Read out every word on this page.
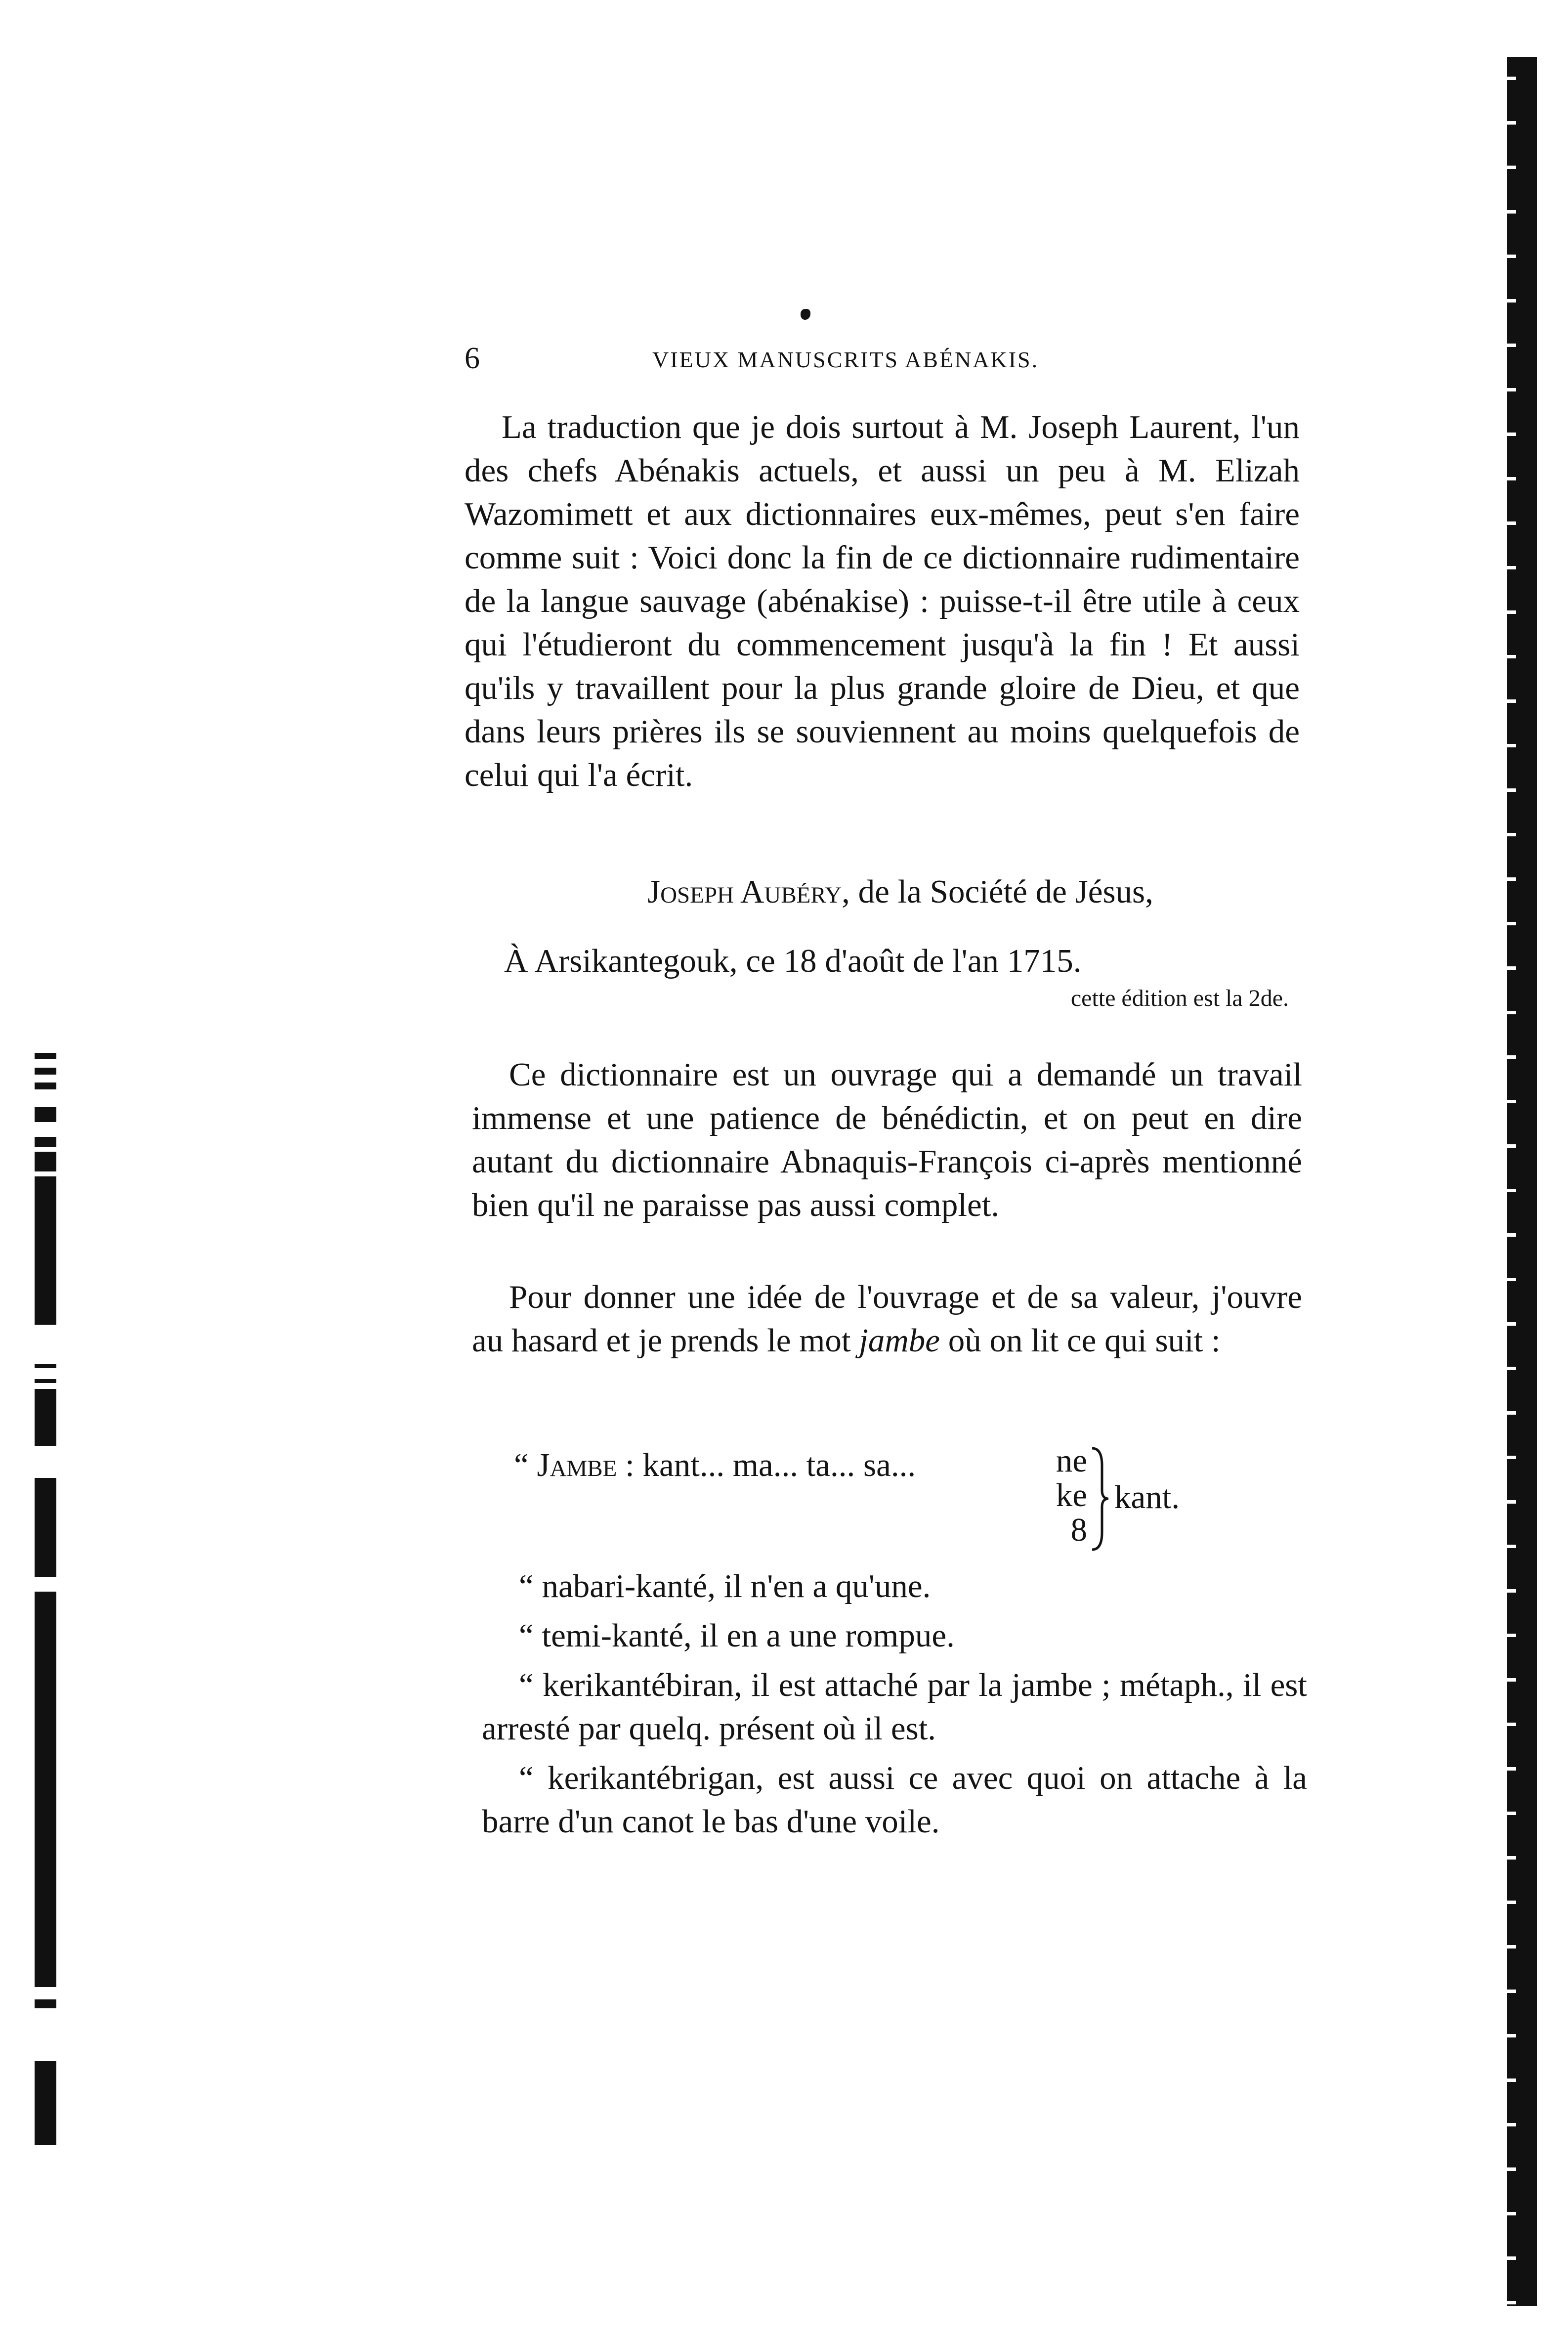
6	VIEUX MANUSCRITS ABÉNAKIS.

La traduction que je dois surtout à M. Joseph Laurent, l'un des chefs Abénakis actuels, et aussi un peu à M. Elizah Wazomimett et aux dictionnaires eux-mêmes, peut s'en faire comme suit : Voici donc la fin de ce dictionnaire rudimentaire de la langue sauvage (abénakise) : puisse-t-il être utile à ceux qui l'étudieront du commencement jusqu'à la fin ! Et aussi qu'ils y travaillent pour la plus grande gloire de Dieu, et que dans leurs prières ils se souviennent au moins quelquefois de celui qui l'a écrit.

Joseph Aubéry, de la Société de Jésus,
À Arsikantegouk, ce 18 d'août de l'an 1715.
cette édition est la 2de.

Ce dictionnaire est un ouvrage qui a demandé un travail immense et une patience de bénédictin, et on peut en dire autant du dictionnaire Abnaquis-François ci-après mentionné bien qu'il ne paraisse pas aussi complet.

Pour donner une idée de l'ouvrage et de sa valeur, j'ouvre au hasard et je prends le mot jambe où on lit ce qui suit :

“ Jambe : kant... ma... ta... sa...	ne
ke
8
kant.

“ nabari-kanté, il n'en a qu'une.

“ temi-kanté, il en a une rompue.

“ kerikantébiran, il est attaché par la jambe ; métaph., il est arresté par quelq. présent où il est.

“ kerikantébrigan, est aussi ce avec quoi on attache à la barre d'un canot le bas d'une voile.
